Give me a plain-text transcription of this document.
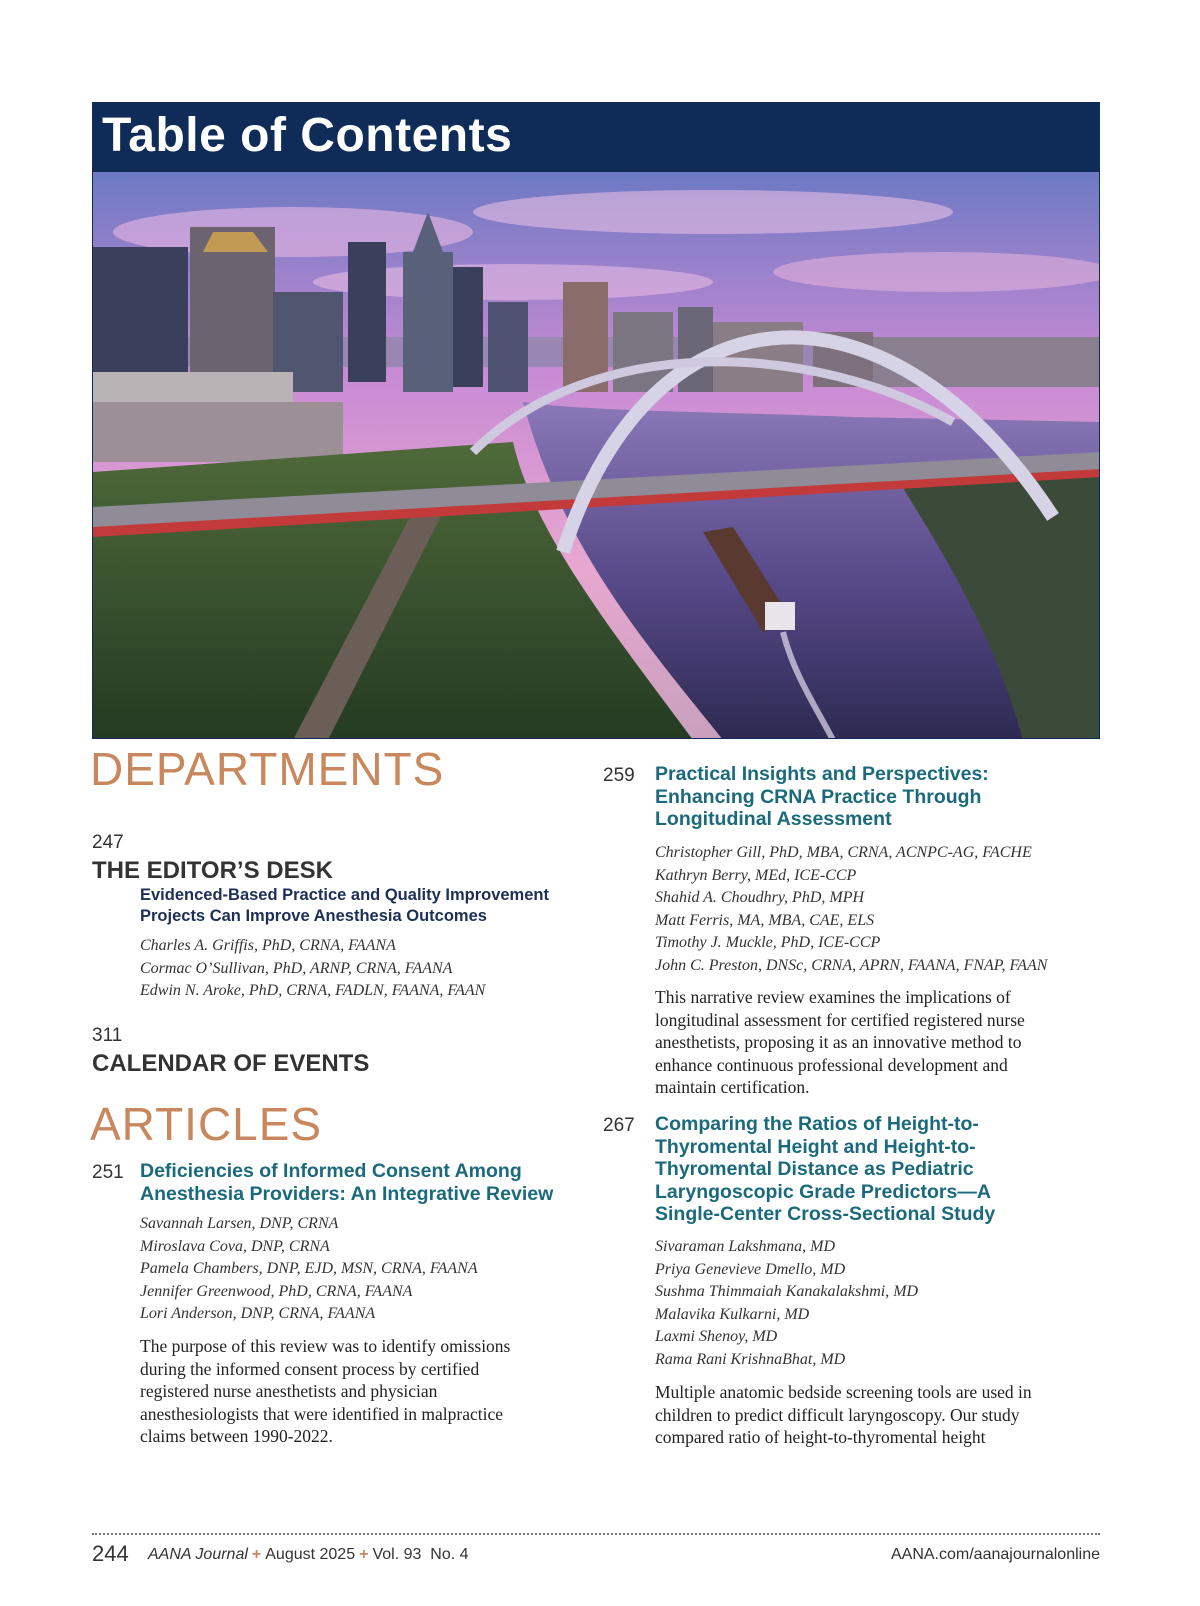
Table of Contents
DEPARTMENTS
247
THE EDITOR’S DESK
Evidenced-Based Practice and Quality Improvement
Projects Can Improve Anesthesia Outcomes
Charles A. Griffis, PhD, CRNA, FAANA
Cormac O’Sullivan, PhD, ARNP, CRNA, FAANA
Edwin N. Aroke, PhD, CRNA, FADLN, FAANA, FAAN
311
CALENDAR OF EVENTS
ARTICLES
251 Deficiencies of Informed Consent Among
Anesthesia Providers: An Integrative Review
Savannah Larsen, DNP, CRNA
Miroslava Cova, DNP, CRNA
Pamela Chambers, DNP, EJD, MSN, CRNA, FAANA
Jennifer Greenwood, PhD, CRNA, FAANA
Lori Anderson, DNP, CRNA, FAANA
The purpose of this review was to identify omissions
during the informed consent process by certified
registered nurse anesthetists and physician
anesthesiologists that were identified in malpractice
claims between 1990-2022.
259 Practical Insights and Perspectives:
Enhancing CRNA Practice Through
Longitudinal Assessment
Christopher Gill, PhD, MBA, CRNA, ACNPC-AG, FACHE
Kathryn Berry, MEd, ICE-CCP
Shahid A. Choudhry, PhD, MPH
Matt Ferris, MA, MBA, CAE, ELS
Timothy J. Muckle, PhD, ICE-CCP
John C. Preston, DNSc, CRNA, APRN, FAANA, FNAP, FAAN
This narrative review examines the implications of
longitudinal assessment for certified registered nurse
anesthetists, proposing it as an innovative method to
enhance continuous professional development and
maintain certification.
267 Comparing the Ratios of Height-to-
Thyromental Height and Height-to-
Thyromental Distance as Pediatric
Laryngoscopic Grade Predictors—A
Single-Center Cross-Sectional Study
Sivaraman Lakshmana, MD
Priya Genevieve Dmello, MD
Sushma Thimmaiah Kanakalakshmi, MD
Malavika Kulkarni, MD
Laxmi Shenoy, MD
Rama Rani KrishnaBhat, MD
Multiple anatomic bedside screening tools are used in
children to predict difficult laryngoscopy. Our study
compared ratio of height-to-thyromental height
244 AANA Journal + August 2025 + Vol. 93 No. 4	AANA.com/aanajournalonline
